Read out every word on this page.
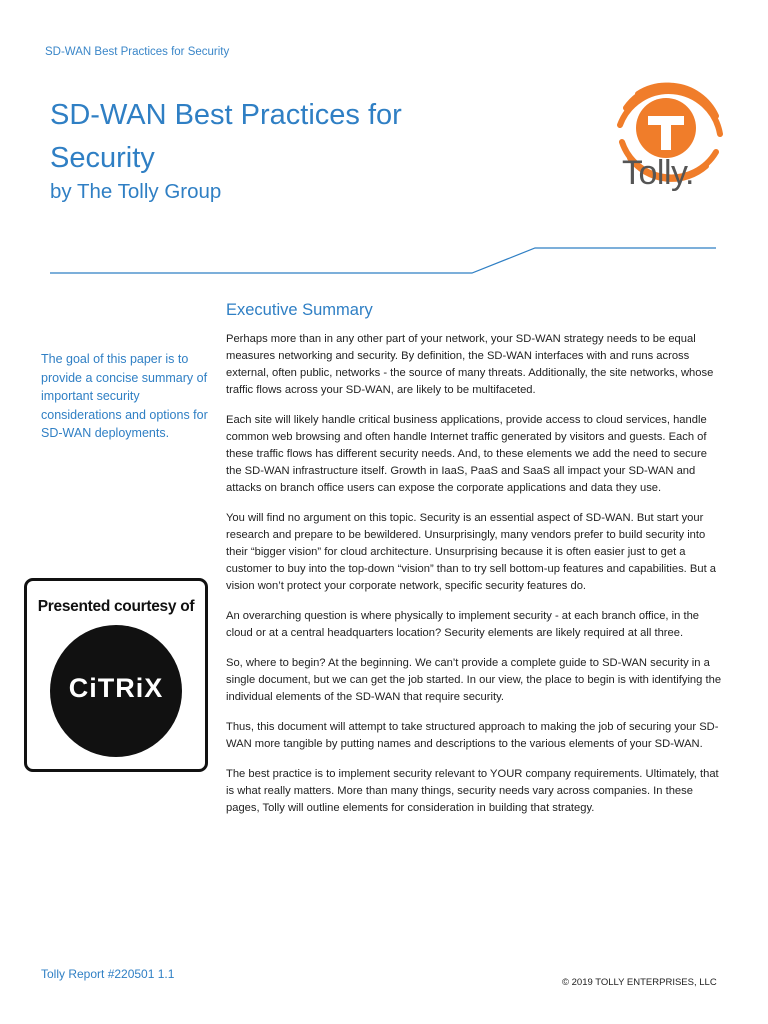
SD-WAN Best Practices for Security
SD-WAN Best Practices for Security
by The Tolly Group	Tolly.
The goal of this paper is to provide a concise summary of important security considerations and options for SD-WAN deployments.
Presented courtesy of
CiTRiX
Executive Summary

Perhaps more than in any other part of your network, your SD-WAN strategy needs to be equal measures networking and security. By definition, the SD-WAN interfaces with and runs across external, often public, networks - the source of many threats. Additionally, the site networks, whose traffic flows across your SD-WAN, are likely to be multifaceted.

Each site will likely handle critical business applications, provide access to cloud services, handle common web browsing and often handle Internet traffic generated by visitors and guests. Each of these traffic flows has different security needs. And, to these elements we add the need to secure the SD-WAN infrastructure itself. Growth in IaaS, PaaS and SaaS all impact your SD-WAN and attacks on branch office users can expose the corporate applications and data they use.

You will find no argument on this topic. Security is an essential aspect of SD-WAN. But start your research and prepare to be bewildered. Unsurprisingly, many vendors prefer to build security into their “bigger vision” for cloud architecture. Unsurprising because it is often easier just to get a customer to buy into the top-down “vision” than to try sell bottom-up features and capabilities. But a vision won’t protect your corporate network, specific security features do.

An overarching question is where physically to implement security - at each branch office, in the cloud or at a central headquarters location? Security elements are likely required at all three.

So, where to begin? At the beginning. We can’t provide a complete guide to SD-WAN security in a single document, but we can get the job started. In our view, the place to begin is with identifying the individual elements of the SD-WAN that require security.

Thus, this document will attempt to take structured approach to making the job of securing your SD-WAN more tangible by putting names and descriptions to the various elements of your SD-WAN.

The best practice is to implement security relevant to YOUR company requirements. Ultimately, that is what really matters. More than many things, security needs vary across companies. In these pages, Tolly will outline elements for consideration in building that strategy.

Tolly Report #220501 1.1
© 2019 TOLLY ENTERPRISES, LLC
